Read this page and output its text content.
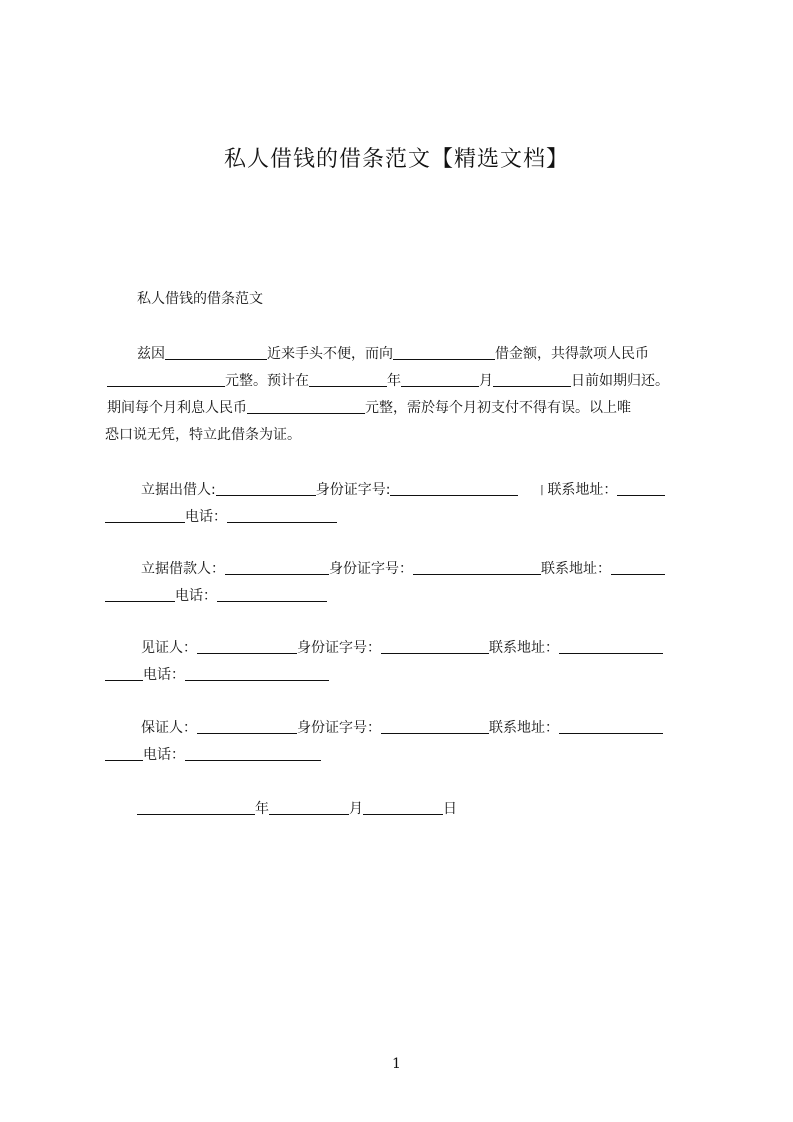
私人借钱的借条范文【精选文档】
私人借钱的借条范文
兹因	近来手头不便，而向	借金额，共得款项人民币
元整。预计在	年	月	日前如期归还。
期间每个月利息人民币	元整，需於每个月初支付不得有误。以上唯
恐口说无凭，特立此借条为证。
立据出借人:	身份证字号:	丨联系地址：
电话：
立据借款人：	身份证字号：	联系地址：
电话：
见证人：	身份证字号：	联系地址：
电话：
保证人：	身份证字号：	联系地址：
电话：
年	月	日
1
